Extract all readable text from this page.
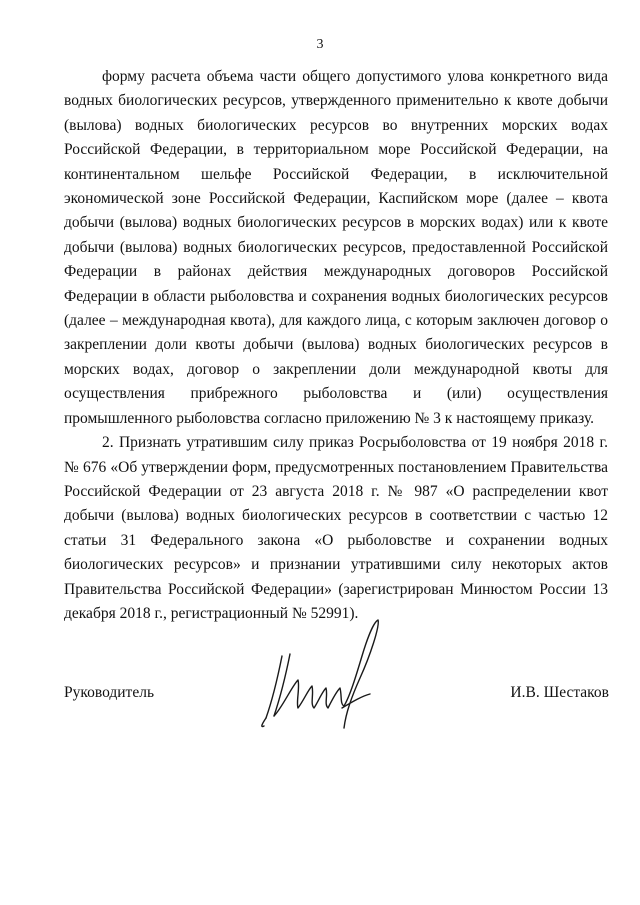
3

форму расчета объема части общего допустимого улова конкретного вида водных биологических ресурсов, утвержденного применительно к квоте добычи (вылова) водных биологических ресурсов во внутренних морских водах Российской Федерации, в территориальном море Российской Федерации, на континентальном шельфе Российской Федерации, в исключительной экономической зоне Российской Федерации, Каспийском море (далее – квота добычи (вылова) водных биологических ресурсов в морских водах) или к квоте добычи (вылова) водных биологических ресурсов, предоставленной Российской Федерации в районах действия международных договоров Российской Федерации в области рыболовства и сохранения водных биологических ресурсов (далее – международная квота), для каждого лица, с которым заключен договор о закреплении доли квоты добычи (вылова) водных биологических ресурсов в морских водах, договор о закреплении доли международной квоты для осуществления прибрежного рыболовства и (или) осуществления промышленного рыболовства согласно приложению № 3 к настоящему приказу.

2. Признать утратившим силу приказ Росрыболовства от 19 ноября 2018 г. № 676 «Об утверждении форм, предусмотренных постановлением Правительства Российской Федерации от 23 августа 2018 г. № 987 «О распределении квот добычи (вылова) водных биологических ресурсов в соответствии с частью 12 статьи 31 Федерального закона «О рыболовстве и сохранении водных биологических ресурсов» и признании утратившими силу некоторых актов Правительства Российской Федерации» (зарегистрирован Минюстом России 13 декабря 2018 г., регистрационный № 52991).

Руководитель	И.В. Шестаков
